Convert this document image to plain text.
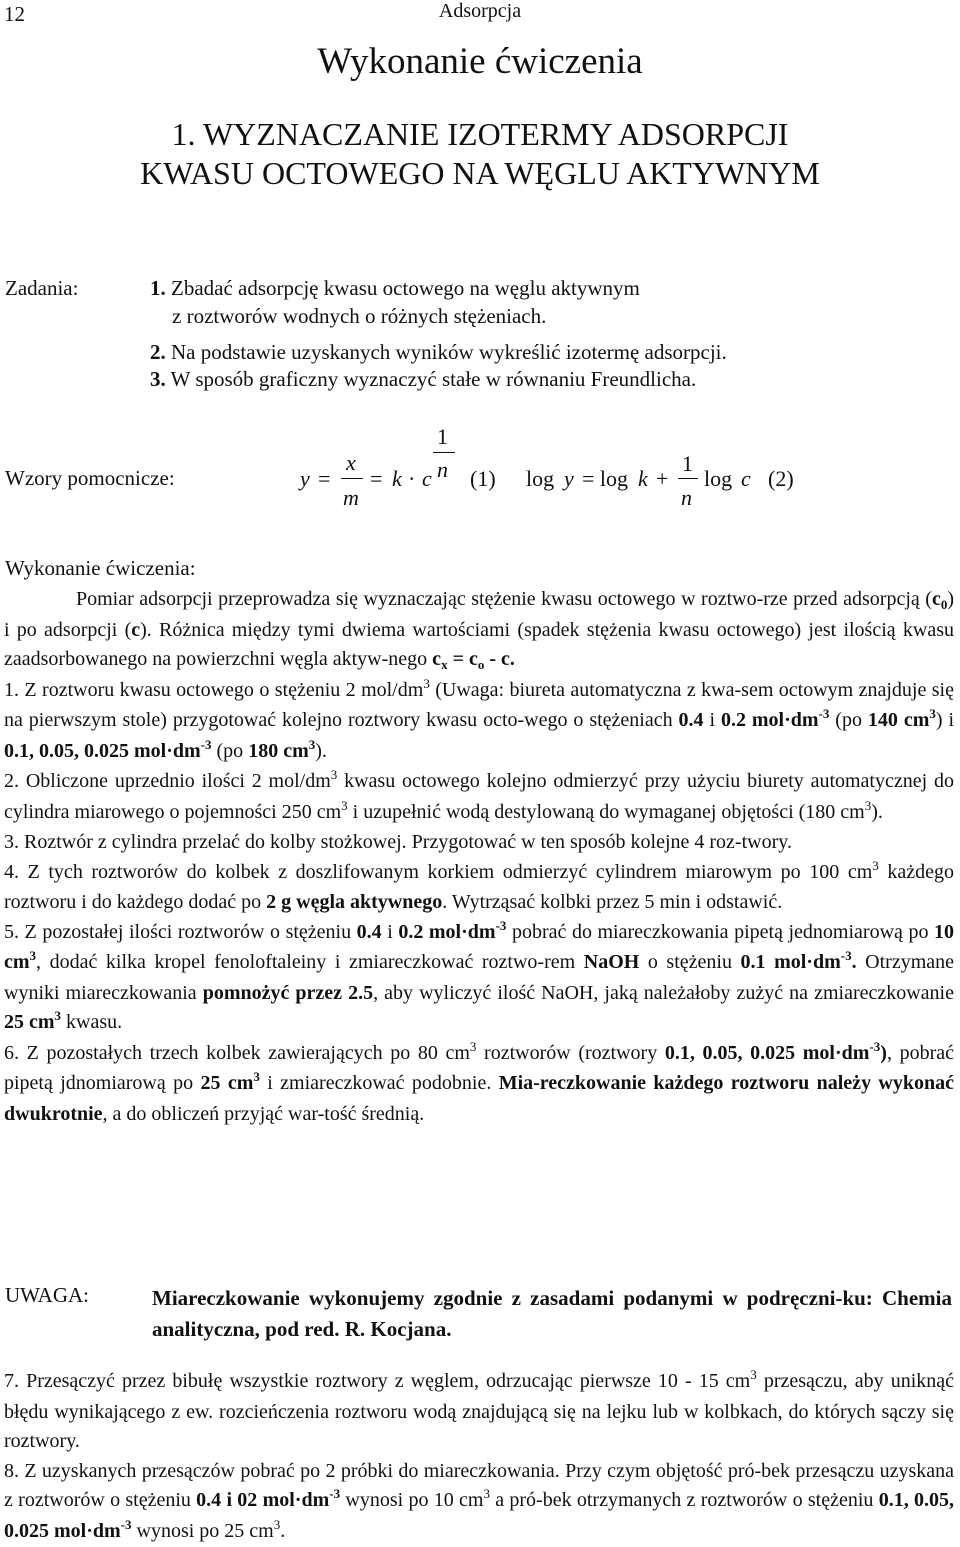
12	Adsorpcja
Wykonanie ćwiczenia
1. WYZNACZANIE IZOTERMY ADSORPCJI
KWASU OCTOWEGO NA WĘGLU AKTYWNYM
Zadania:	1. Zbadać adsorpcję kwasu octowego na węglu aktywnym
z roztworów wodnych o różnych stężeniach.
2. Na podstawie uzyskanych wyników wykreślić izotermę adsorpcji.
3. W sposób graficzny wyznaczyć stałe w równaniu Freundlicha.
Wzory pomocnicze:	y =
x
m
= k · c
1
n (1) log y = log k +
1
n
log c (2)
Wykonanie ćwiczenia:

Pomiar adsorpcji przeprowadza się wyznaczając stężenie kwasu octowego w roztwo-rze przed adsorpcją $(c_0)$ i po adsorpcji (c). Różnica między tymi dwiema wartościami (spadek stężenia kwasu octowego) jest ilością kwasu zaadsorbowanego na powierzchni węgla aktyw-nego $c_x = c_o - c$.

1. Z roztworu kwasu octowego o stężeniu 2 mol/$dm^3$ (Uwaga: biureta automatyczna z kwa-sem octowym znajduje się na pierwszym stole) przygotować kolejno roztwory kwasu octo-wego o stężeniach 0.4 i 0.2 $mol\cdot dm^{-3}$ (po 140 $cm^3$) i 0.1, 0.05, 0.025 $mol\cdot dm^{-3}$ (po 180 $cm^3$).

2. Obliczone uprzednio ilości 2 mol/$dm^3$ kwasu octowego kolejno odmierzyć przy użyciu biurety automatycznej do cylindra miarowego o pojemności 250 $cm^3$ i uzupełnić wodą destylowaną do wymaganej objętości (180 $cm^3$).

3. Roztwór z cylindra przelać do kolby stożkowej. Przygotować w ten sposób kolejne 4 roz-twory.

4. Z tych roztworów do kolbek z doszlifowanym korkiem odmierzyć cylindrem miarowym po 100 $cm^3$ każdego roztworu i do każdego dodać po 2 g węgla aktywnego. Wytrząsać kolbki przez 5 min i odstawić.

5. Z pozostałej ilości roztworów o stężeniu 0.4 i 0.2 $mol\cdot dm^{-3}$ pobrać do miareczkowania pipetą jednomiarową po 10 $cm^3$, dodać kilka kropel fenoloftaleiny i zmiareczkować roztwo-rem NaOH o stężeniu 0.1 $mol\cdot dm^{-3}$. Otrzymane wyniki miareczkowania pomnożyć przez 2.5, aby wyliczyć ilość NaOH, jaką należałoby zużyć na zmiareczkowanie 25 $cm^3$ kwasu.

6. Z pozostałych trzech kolbek zawierających po 80 $cm^3$ roztworów (roztwory 0.1, 0.05, 0.025 $mol\cdot dm^{-3}$), pobrać pipetą jdnomiarową po 25 $cm^3$ i zmiareczkować podobnie. Mia-reczkowanie każdego roztworu należy wykonać dwukrotnie, a do obliczeń przyjąć war-tość średnią.

UWAGA:	Miareczkowanie wykonujemy zgodnie z zasadami podanymi w podręczni-ku: Chemia analityczna, pod red. R. Kocjana.

7. Przesączyć przez bibułę wszystkie roztwory z węglem, odrzucając pierwsze 10 - 15 $cm^3$ przesączu, aby uniknąć błędu wynikającego z ew. rozcieńczenia roztworu wodą znajdującą się na lejku lub w kolbkach, do których sączy się roztwory.

8. Z uzyskanych przesączów pobrać po 2 próbki do miareczkowania. Przy czym objętość pró-bek przesączu uzyskana z roztworów o stężeniu 0.4 i 02 $mol\cdot dm^{-3}$ wynosi po 10 $cm^3$ a pró-bek otrzymanych z roztworów o stężeniu 0.1, 0.05, 0.025 $mol\cdot dm^{-3}$ wynosi po 25 $cm^3$.
